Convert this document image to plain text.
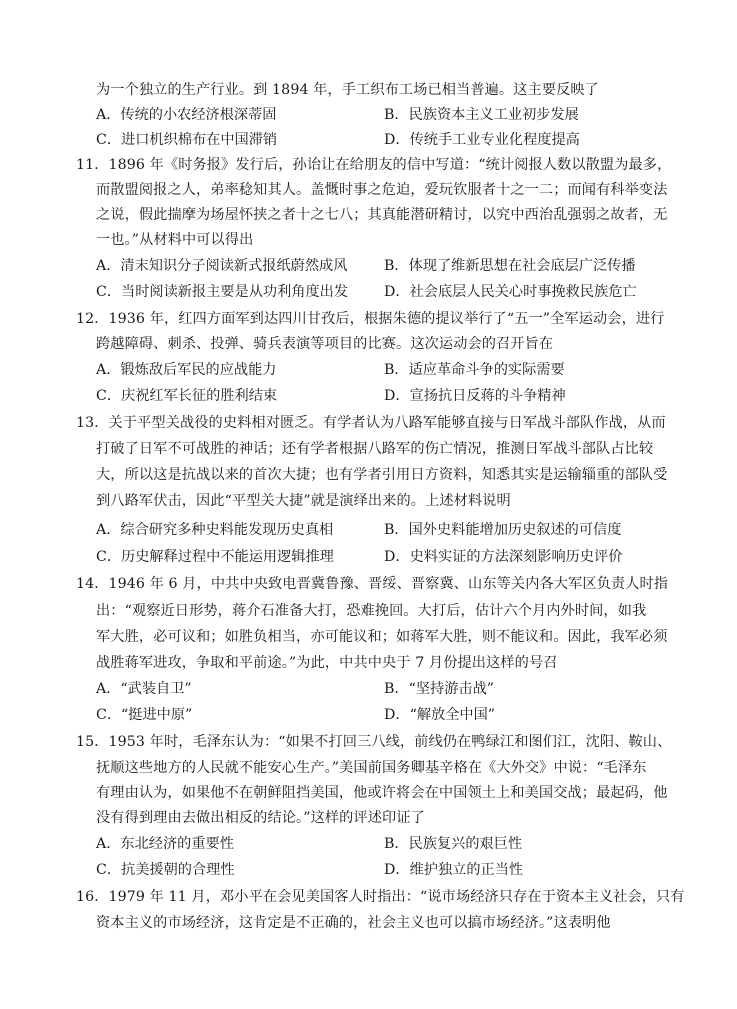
为一个独立的生产行业。到 1894 年，手工织布工场已相当普遍。这主要反映了
A．传统的小农经济根深蒂固	B．民族资本主义工业初步发展
C．进口机织棉布在中国滞销	D．传统手工业专业化程度提高
11．1896 年《时务报》发行后，孙诒让在给朋友的信中写道：“统计阅报人数以散盟为最多，
而散盟阅报之人，弟率稔知其人。盖慨时事之危迫，爱玩钦服者十之一二；而闻有科举变法
之说，假此揣摩为场屋怀挟之者十之七八；其真能潜研精讨，以究中西治乱强弱之故者，无
一也。”从材料中可以得出
A．清末知识分子阅读新式报纸蔚然成风	B．体现了维新思想在社会底层广泛传播
C．当时阅读新报主要是从功利角度出发	D．社会底层人民关心时事挽救民族危亡
12．1936 年，红四方面军到达四川甘孜后，根据朱德的提议举行了“五一”全军运动会，进行
跨越障碍、刺杀、投弹、骑兵表演等项目的比赛。这次运动会的召开旨在
A．锻炼敌后军民的应战能力	B．适应革命斗争的实际需要
C．庆祝红军长征的胜利结束	D．宣扬抗日反蒋的斗争精神
13．关于平型关战役的史料相对匮乏。有学者认为八路军能够直接与日军战斗部队作战，从而
打破了日军不可战胜的神话；还有学者根据八路军的伤亡情况，推测日军战斗部队占比较
大，所以这是抗战以来的首次大捷；也有学者引用日方资料，知悉其实是运输辎重的部队受
到八路军伏击，因此“平型关大捷”就是演绎出来的。上述材料说明
A．综合研究多种史料能发现历史真相	B．国外史料能增加历史叙述的可信度
C．历史解释过程中不能运用逻辑推理	D．史料实证的方法深刻影响历史评价
14．1946 年 6 月，中共中央致电晋冀鲁豫、晋绥、晋察冀、山东等关内各大军区负责人时指
出：“观察近日形势，蒋介石准备大打，恐难挽回。大打后，估计六个月内外时间，如我
军大胜，必可议和；如胜负相当，亦可能议和；如蒋军大胜，则不能议和。因此，我军必须
战胜蒋军进攻，争取和平前途。”为此，中共中央于 7 月份提出这样的号召
A．“武装自卫”	B．“坚持游击战”
C．“挺进中原”	D．“解放全中国”
15．1953 年时，毛泽东认为：“如果不打回三八线，前线仍在鸭绿江和图们江，沈阳、鞍山、
抚顺这些地方的人民就不能安心生产。”美国前国务卿基辛格在《大外交》中说：“毛泽东
有理由认为，如果他不在朝鲜阻挡美国，他或许将会在中国领土上和美国交战；最起码，他
没有得到理由去做出相反的结论。”这样的评述印证了
A．东北经济的重要性	B．民族复兴的艰巨性
C．抗美援朝的合理性	D．维护独立的正当性
16．1979 年 11 月，邓小平在会见美国客人时指出：“说市场经济只存在于资本主义社会，只有
资本主义的市场经济，这肯定是不正确的，社会主义也可以搞市场经济。”这表明他
